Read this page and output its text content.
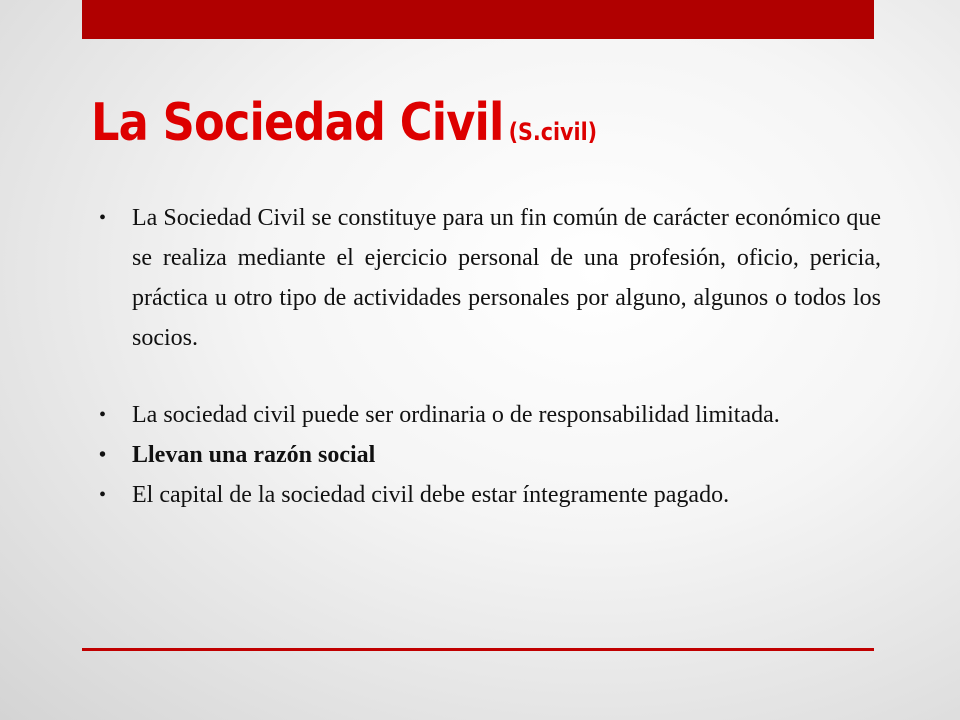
La Sociedad Civil (S.civil)
• La Sociedad Civil se constituye para un fin común de carácter económico que se realiza mediante el ejercicio personal de una profesión, oficio, pericia, práctica u otro tipo de actividades personales por alguno, algunos o todos los socios.
• La sociedad civil puede ser ordinaria o de responsabilidad limitada.
• Llevan una razón social
• El capital de la sociedad civil debe estar íntegramente pagado.
